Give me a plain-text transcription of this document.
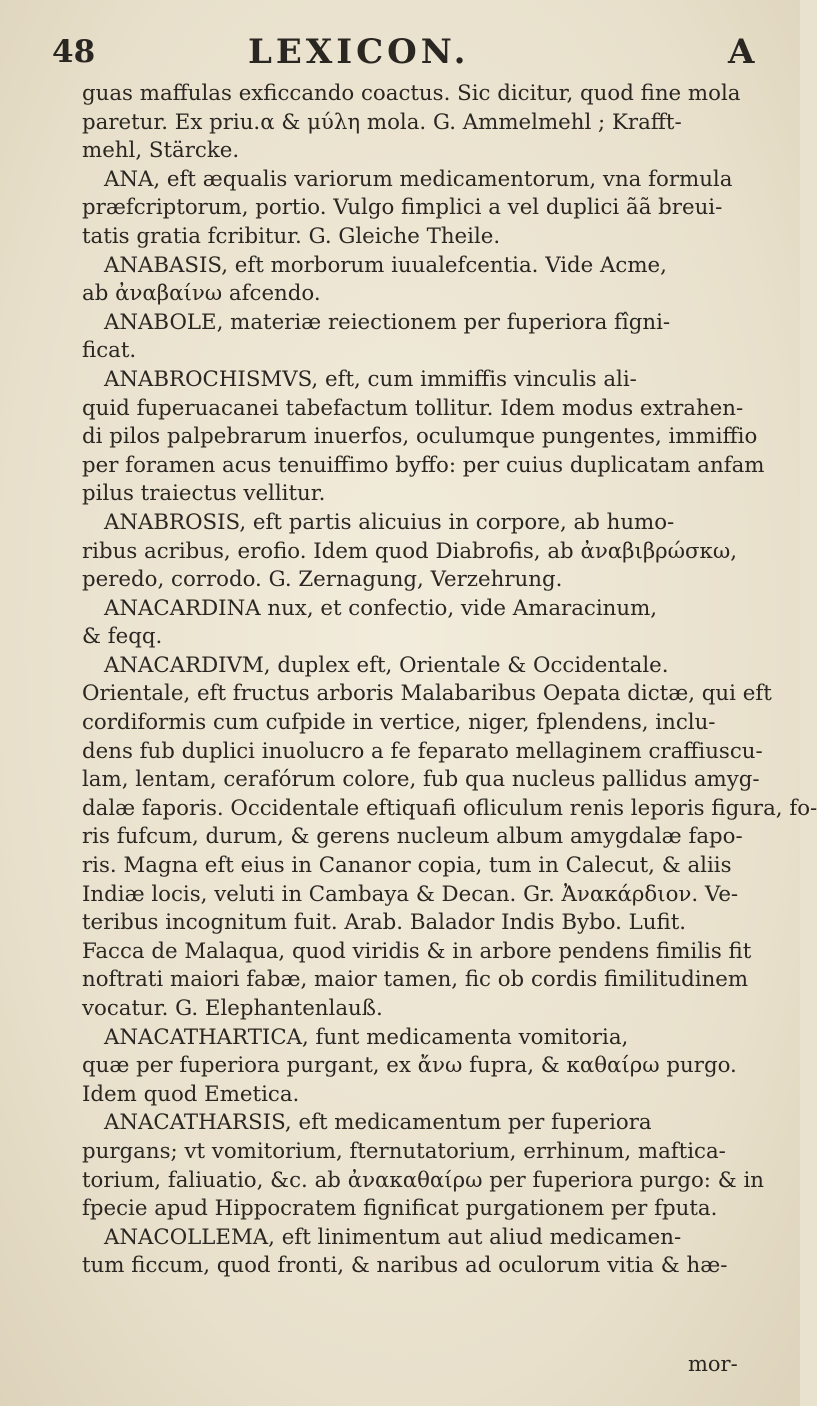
48	LEXICON.	A
guas maffulas exficcando coactus. Sic dicitur, quod fine mola
paretur. Ex priu.α & μύλη mola. G. Ammelmehl ; Krafft-
mehl, Stärcke.
ANA, eft æqualis variorum medicamentorum, vna formula
præfcriptorum, portio. Vulgo fimplici a vel duplici ãã breui-
tatis gratia fcribitur. G. Gleiche Theile.
ANABASIS, eft morborum iuualefcentia. Vide Acme,
ab ἀναβαίνω afcendo.
ANABOLE, materiæ reiectionem per fuperiora fîgni-
ficat.
ANABROCHISMVS, eft, cum immiffis vinculis ali-
quid fuperuacanei tabefactum tollitur. Idem modus extrahen-
di pilos palpebrarum inuerfos, oculumque pungentes, immiffio
per foramen acus tenuiffimo byffo: per cuius duplicatam anfam
pilus traiectus vellitur.
ANABROSIS, eft partis alicuius in corpore, ab humo-
ribus acribus, erofio. Idem quod Diabrofis, ab ἀναβιβρώσκω,
peredo, corrodo. G. Zernagung, Verzehrung.
ANACARDINA nux, et confectio, vide Amaracinum,
& feqq.
ANACARDIVM, duplex eft, Orientale & Occidentale.
Orientale, eft fructus arboris Malabaribus Oepata dictæ, qui eft
cordiformis cum cufpide in vertice, niger, fplendens, inclu-
dens fub duplici inuolucro a fe feparato mellaginem craffiuscu-
lam, lentam, cerafórum colore, fub qua nucleus pallidus amyg-
dalæ faporis. Occidentale eftiquafi ofliculum renis leporis figura, fo-
ris fufcum, durum, & gerens nucleum album amygdalæ fapo-
ris. Magna eft eius in Cananor copia, tum in Calecut, & aliis
Indiæ locis, veluti in Cambaya & Decan. Gr. Ἀνακάρδιον. Ve-
teribus incognitum fuit. Arab. Balador Indis Bybo. Lufit.
Facca de Malaqua, quod viridis & in arbore pendens fimilis fit
noftrati maiori fabæ, maior tamen, fic ob cordis fimilitudinem
vocatur. G. Elephantenlauß.
ANACATHARTICA, funt medicamenta vomitoria,
quæ per fuperiora purgant, ex ἄνω fupra, & καθαίρω purgo.
Idem quod Emetica.
ANACATHARSIS, eft medicamentum per fuperiora
purgans; vt vomitorium, fternutatorium, errhinum, mafticа-
torium, faliuatio, &c. ab ἀνακαθαίρω per fuperiora purgo: & in
fpecie apud Hippocratem fignificat purgationem per fputa.
ANACOLLEMA, eft linimentum aut aliud medicamen-
tum ficcum, quod fronti, & naribus ad oculorum vitia & hæ-
mor-
